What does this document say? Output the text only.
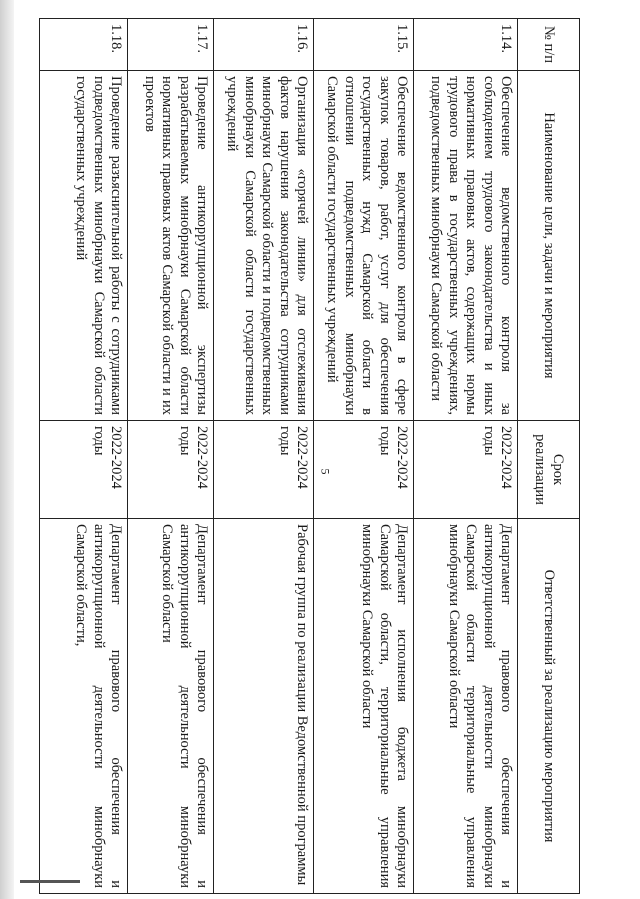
5
№ п/п	Наименование цели, задачи и мероприятия	Срок реализации	Ответственный за реализацию мероприятия
1.14.	Обеспечение ведомственного контроля за соблюдением трудового законодательства и иных нормативных правовых актов, содержащих нормы трудового права в государственных учреждениях, подведомственных минобрнауки Самарской области	2022-2024 годы	Департамент правового обеспечения и антикоррупционной деятельности минобрнауки Самарской области территориальные управления минобрнауки Самарской области
1.15.	Обеспечение ведомственного контроля в сфере закупок товаров, работ, услуг для обеспечения государственных нужд Самарской области в отношении подведомственных минобрнауки Самарской области государственных учреждений	2022-2024 годы	Департамент исполнения бюджета минобрнауки Самарской области, территориальные управления минобрнауки Самарской области
1.16.	Организация «горячей линии» для отслеживания фактов нарушения законодательства сотрудниками минобрнауки Самарской области и подведомственных минобрнауки Самарской области государственных учреждений	2022-2024 годы	Рабочая группа по реализации Ведомственной программы
1.17.	Проведение антикоррупционной экспертизы разрабатываемых минобрнауки Самарской области нормативных правовых актов Самарской области и их проектов	2022-2024 годы	Департамент правового обеспечения и антикоррупционной деятельности минобрнауки Самарской области
1.18.	Проведение разъяснительной работы с сотрудниками подведомственных минобрнауки Самарской области государственных учреждений	2022-2024 годы	Департамент правового обеспечения и антикоррупционной деятельности минобрнауки Самарской области,
